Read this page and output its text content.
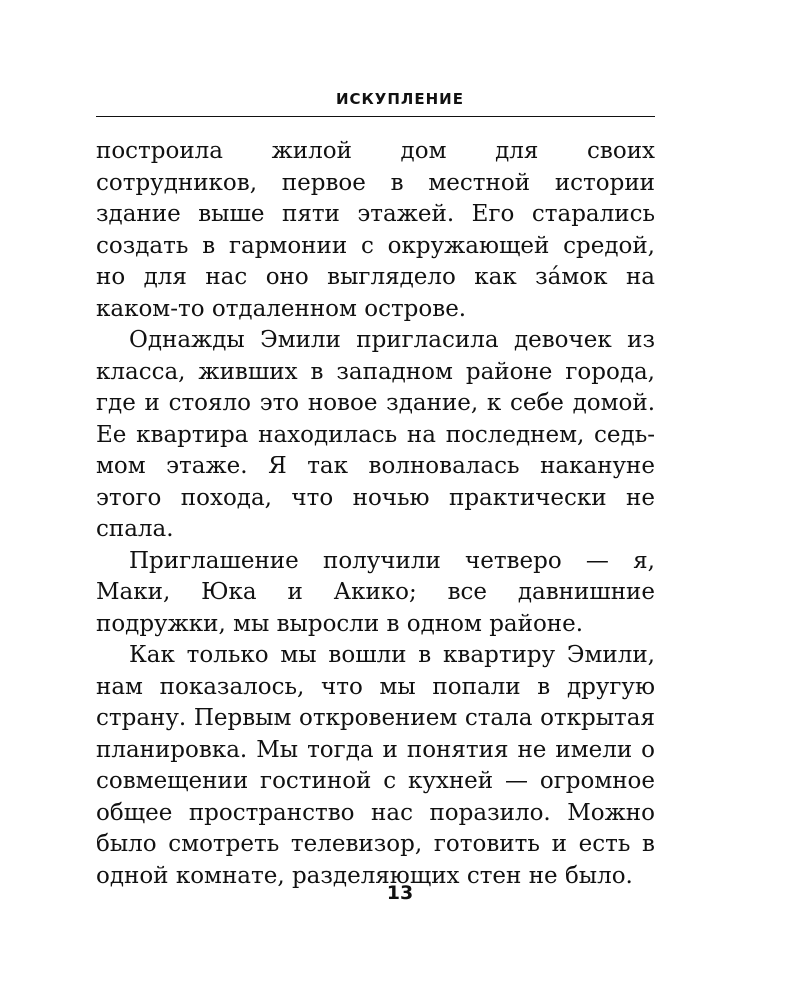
ИСКУПЛЕНИЕ

построила жилой дом для своих сотрудников, первое в местной истории здание выше пяти этажей. Его старались создать в гармонии с окружающей средой, но для нас оно выглядело как за́мок на каком-то отдаленном острове.

Однажды Эмили пригласила девочек из класса, живших в западном районе города, где и стояло это новое здание, к себе домой. Ее квартира находилась на последнем, седьмом этаже. Я так волновалась накануне этого похода, что ночью практически не спала.

Приглашение получили четверо — я, Маки, Юка и Акико; все давнишние подружки, мы выросли в одном районе.

Как только мы вошли в квартиру Эмили, нам показалось, что мы попали в другую страну. Первым откровением стала открытая планировка. Мы тогда и понятия не имели о совмещении гостиной с кухней — огромное общее пространство нас поразило. Можно было смотреть телевизор, готовить и есть в одной комнате, разделяющих стен не было.

13
